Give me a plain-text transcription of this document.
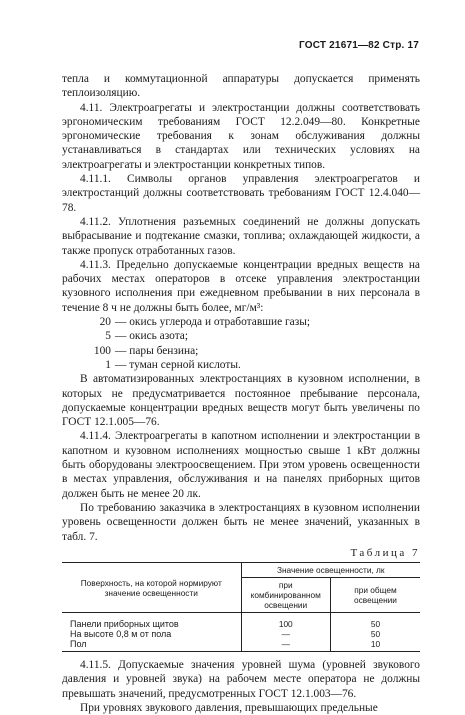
ГОСТ 21671—82 Стр. 17

тепла и коммутационной аппаратуры допускается применять теплоизоляцию.

4.11. Электроагрегаты и электростанции должны соответствовать эргономическим требованиям ГОСТ 12.2.049—80. Конкретные эргономические требования к зонам обслуживания должны устанавливаться в стандартах или технических условиях на электроагрегаты и электростанции конкретных типов.

4.11.1. Символы органов управления электроагрегатов и электростанций должны соответствовать требованиям ГОСТ 12.4.040—78.

4.11.2. Уплотнения разъемных соединений не должны допускать выбрасывание и подтекание смазки, топлива; охлаждающей жидкости, а также пропуск отработанных газов.

4.11.3. Предельно допускаемые концентрации вредных веществ на рабочих местах операторов в отсеке управления электростанции кузовного исполнения при ежедневном пребывании в них персонала в течение 8 ч не должны быть более, мг/м³:

20 — окись углерода и отработавшие газы;
5 — окись азота;
100 — пары бензина;
1 — туман серной кислоты.

В автоматизированных электростанциях в кузовном исполнении, в которых не предусматривается постоянное пребывание персонала, допускаемые концентрации вредных веществ могут быть увеличены по ГОСТ 12.1.005—76.

4.11.4. Электроагрегаты в капотном исполнении и электростанции в капотном и кузовном исполнениях мощностью свыше 1 кВт должны быть оборудованы электроосвещением. При этом уровень освещенности в местах управления, обслуживания и на панелях приборных щитов должен быть не менее 20 лк.

По требованию заказчика в электростанциях в кузовном исполнении уровень освещенности должен быть не менее значений, указанных в табл. 7.

Таблица 7
Поверхность, на которой нормируют значение освещенности	Значение освещенности, лк	
	при комбинированном освещении	при общем освещении
Панели приборных щитов	100	50
На высоте 0,8 м от пола	—	50
Пол	—	10

4.11.5. Допускаемые значения уровней шума (уровней звукового давления и уровней звука) на рабочем месте оператора не должны превышать значений, предусмотренных ГОСТ 12.1.003—76.

При уровнях звукового давления, превышающих предельные
